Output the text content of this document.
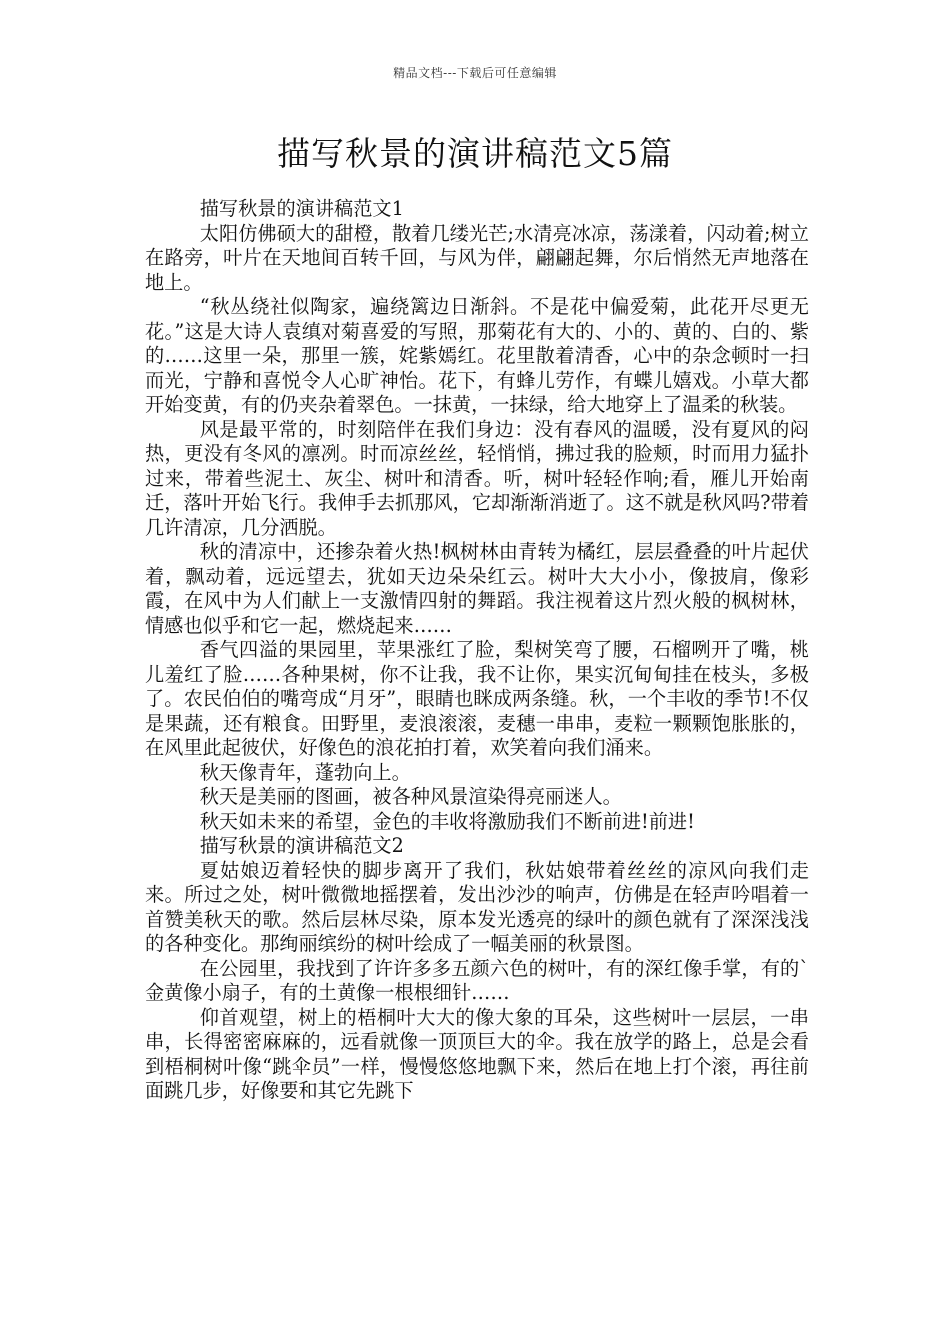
精品文档---下载后可任意编辑
描写秋景的演讲稿范文5篇

描写秋景的演讲稿范文1

太阳仿佛硕大的甜橙，散着几缕光芒;水清亮冰凉，荡漾着，闪动着;树立在路旁，叶片在天地间百转千回，与风为伴，翩翩起舞，尔后悄然无声地落在地上。

“秋丛绕社似陶家，遍绕篱边日渐斜。不是花中偏爱菊，此花开尽更无花。”这是大诗人袁缜对菊喜爱的写照，那菊花有大的、小的、黄的、白的、紫的……这里一朵，那里一簇，姹紫嫣红。花里散着清香，心中的杂念顿时一扫而光，宁静和喜悦令人心旷神怡。花下，有蜂儿劳作，有蝶儿嬉戏。小草大都开始变黄，有的仍夹杂着翠色。一抹黄，一抹绿，给大地穿上了温柔的秋装。

风是最平常的，时刻陪伴在我们身边：没有春风的温暖，没有夏风的闷热，更没有冬风的凛冽。时而凉丝丝，轻悄悄，拂过我的脸颊，时而用力猛扑过来，带着些泥土、灰尘、树叶和清香。听，树叶轻轻作响;看，雁儿开始南迁，落叶开始飞行。我伸手去抓那风，它却渐渐消逝了。这不就是秋风吗?带着几许清凉，几分洒脱。

秋的清凉中，还掺杂着火热!枫树林由青转为橘红，层层叠叠的叶片起伏着，飘动着，远远望去，犹如天边朵朵红云。树叶大大小小，像披肩，像彩霞，在风中为人们献上一支激情四射的舞蹈。我注视着这片烈火般的枫树林，情感也似乎和它一起，燃烧起来……

香气四溢的果园里，苹果涨红了脸，梨树笑弯了腰，石榴咧开了嘴，桃儿羞红了脸……各种果树，你不让我，我不让你，果实沉甸甸挂在枝头，多极了。农民伯伯的嘴弯成“月牙”，眼睛也眯成两条缝。秋，一个丰收的季节!不仅是果蔬，还有粮食。田野里，麦浪滚滚，麦穗一串串，麦粒一颗颗饱胀胀的，在风里此起彼伏，好像色的浪花拍打着，欢笑着向我们涌来。

秋天像青年，蓬勃向上。

秋天是美丽的图画，被各种风景渲染得亮丽迷人。

秋天如未来的希望，金色的丰收将激励我们不断前进!前进!

描写秋景的演讲稿范文2

夏姑娘迈着轻快的脚步离开了我们，秋姑娘带着丝丝的凉风向我们走来。所过之处，树叶微微地摇摆着，发出沙沙的响声，仿佛是在轻声吟唱着一首赞美秋天的歌。然后层林尽染，原本发光透亮的绿叶的颜色就有了深深浅浅的各种变化。那绚丽缤纷的树叶绘成了一幅美丽的秋景图。

在公园里，我找到了许许多多五颜六色的树叶，有的深红像手掌，有的`金黄像小扇子，有的土黄像一根根细针……

仰首观望，树上的梧桐叶大大的像大象的耳朵，这些树叶一层层，一串串，长得密密麻麻的，远看就像一顶顶巨大的伞。我在放学的路上，总是会看到梧桐树叶像“跳伞员”一样，慢慢悠悠地飘下来，然后在地上打个滚，再往前面跳几步，好像要和其它先跳下
